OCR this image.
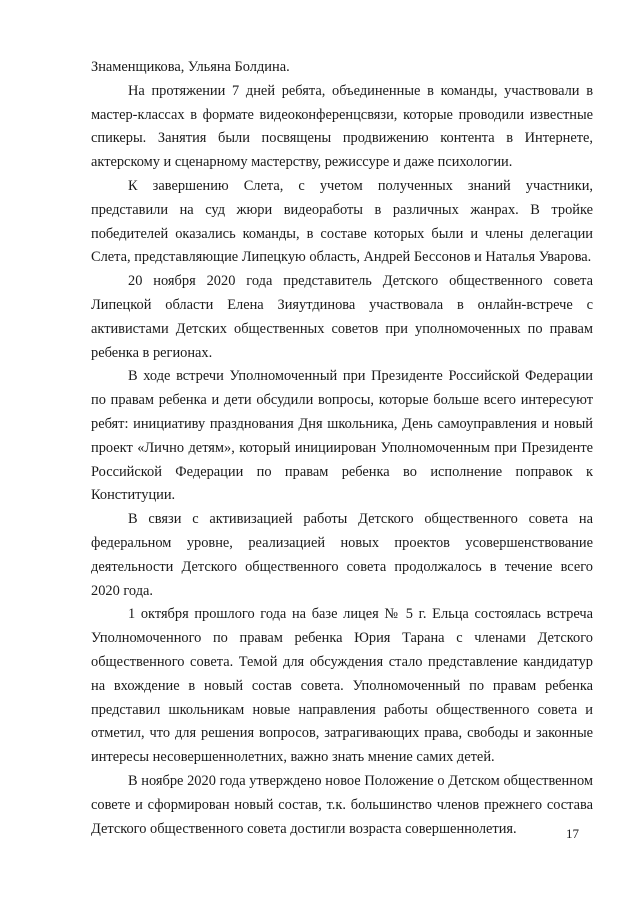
Знаменщикова, Ульяна Болдина.

На протяжении 7 дней ребята, объединенные в команды, участвовали в мастер-классах в формате видеоконференцсвязи, которые проводили известные спикеры. Занятия были посвящены продвижению контента в Интернете, актерскому и сценарному мастерству, режиссуре и даже психологии.

К завершению Слета, с учетом полученных знаний участники, представили на суд жюри видеоработы в различных жанрах. В тройке победителей оказались команды, в составе которых были и члены делегации Слета, представляющие Липецкую область, Андрей Бессонов и Наталья Уварова.

20 ноября 2020 года представитель Детского общественного совета Липецкой области Елена Зияутдинова участвовала в онлайн-встрече с активистами Детских общественных советов при уполномоченных по правам ребенка в регионах.

В ходе встречи Уполномоченный при Президенте Российской Федерации по правам ребенка и дети обсудили вопросы, которые больше всего интересуют ребят: инициативу празднования Дня школьника, День самоуправления и новый проект «Лично детям», который инициирован Уполномоченным при Президенте Российской Федерации по правам ребенка во исполнение поправок к Конституции.

В связи с активизацией работы Детского общественного совета на федеральном уровне, реализацией новых проектов усовершенствование деятельности Детского общественного совета продолжалось в течение всего 2020 года.

1 октября прошлого года на базе лицея № 5 г. Ельца состоялась встреча Уполномоченного по правам ребенка Юрия Тарана с членами Детского общественного совета. Темой для обсуждения стало представление кандидатур на вхождение в новый состав совета. Уполномоченный по правам ребенка представил школьникам новые направления работы общественного совета и отметил, что для решения вопросов, затрагивающих права, свободы и законные интересы несовершеннолетних, важно знать мнение самих детей.

В ноябре 2020 года утверждено новое Положение о Детском общественном совете и сформирован новый состав, т.к. большинство членов прежнего состава Детского общественного совета достигли возраста совершеннолетия.	17
